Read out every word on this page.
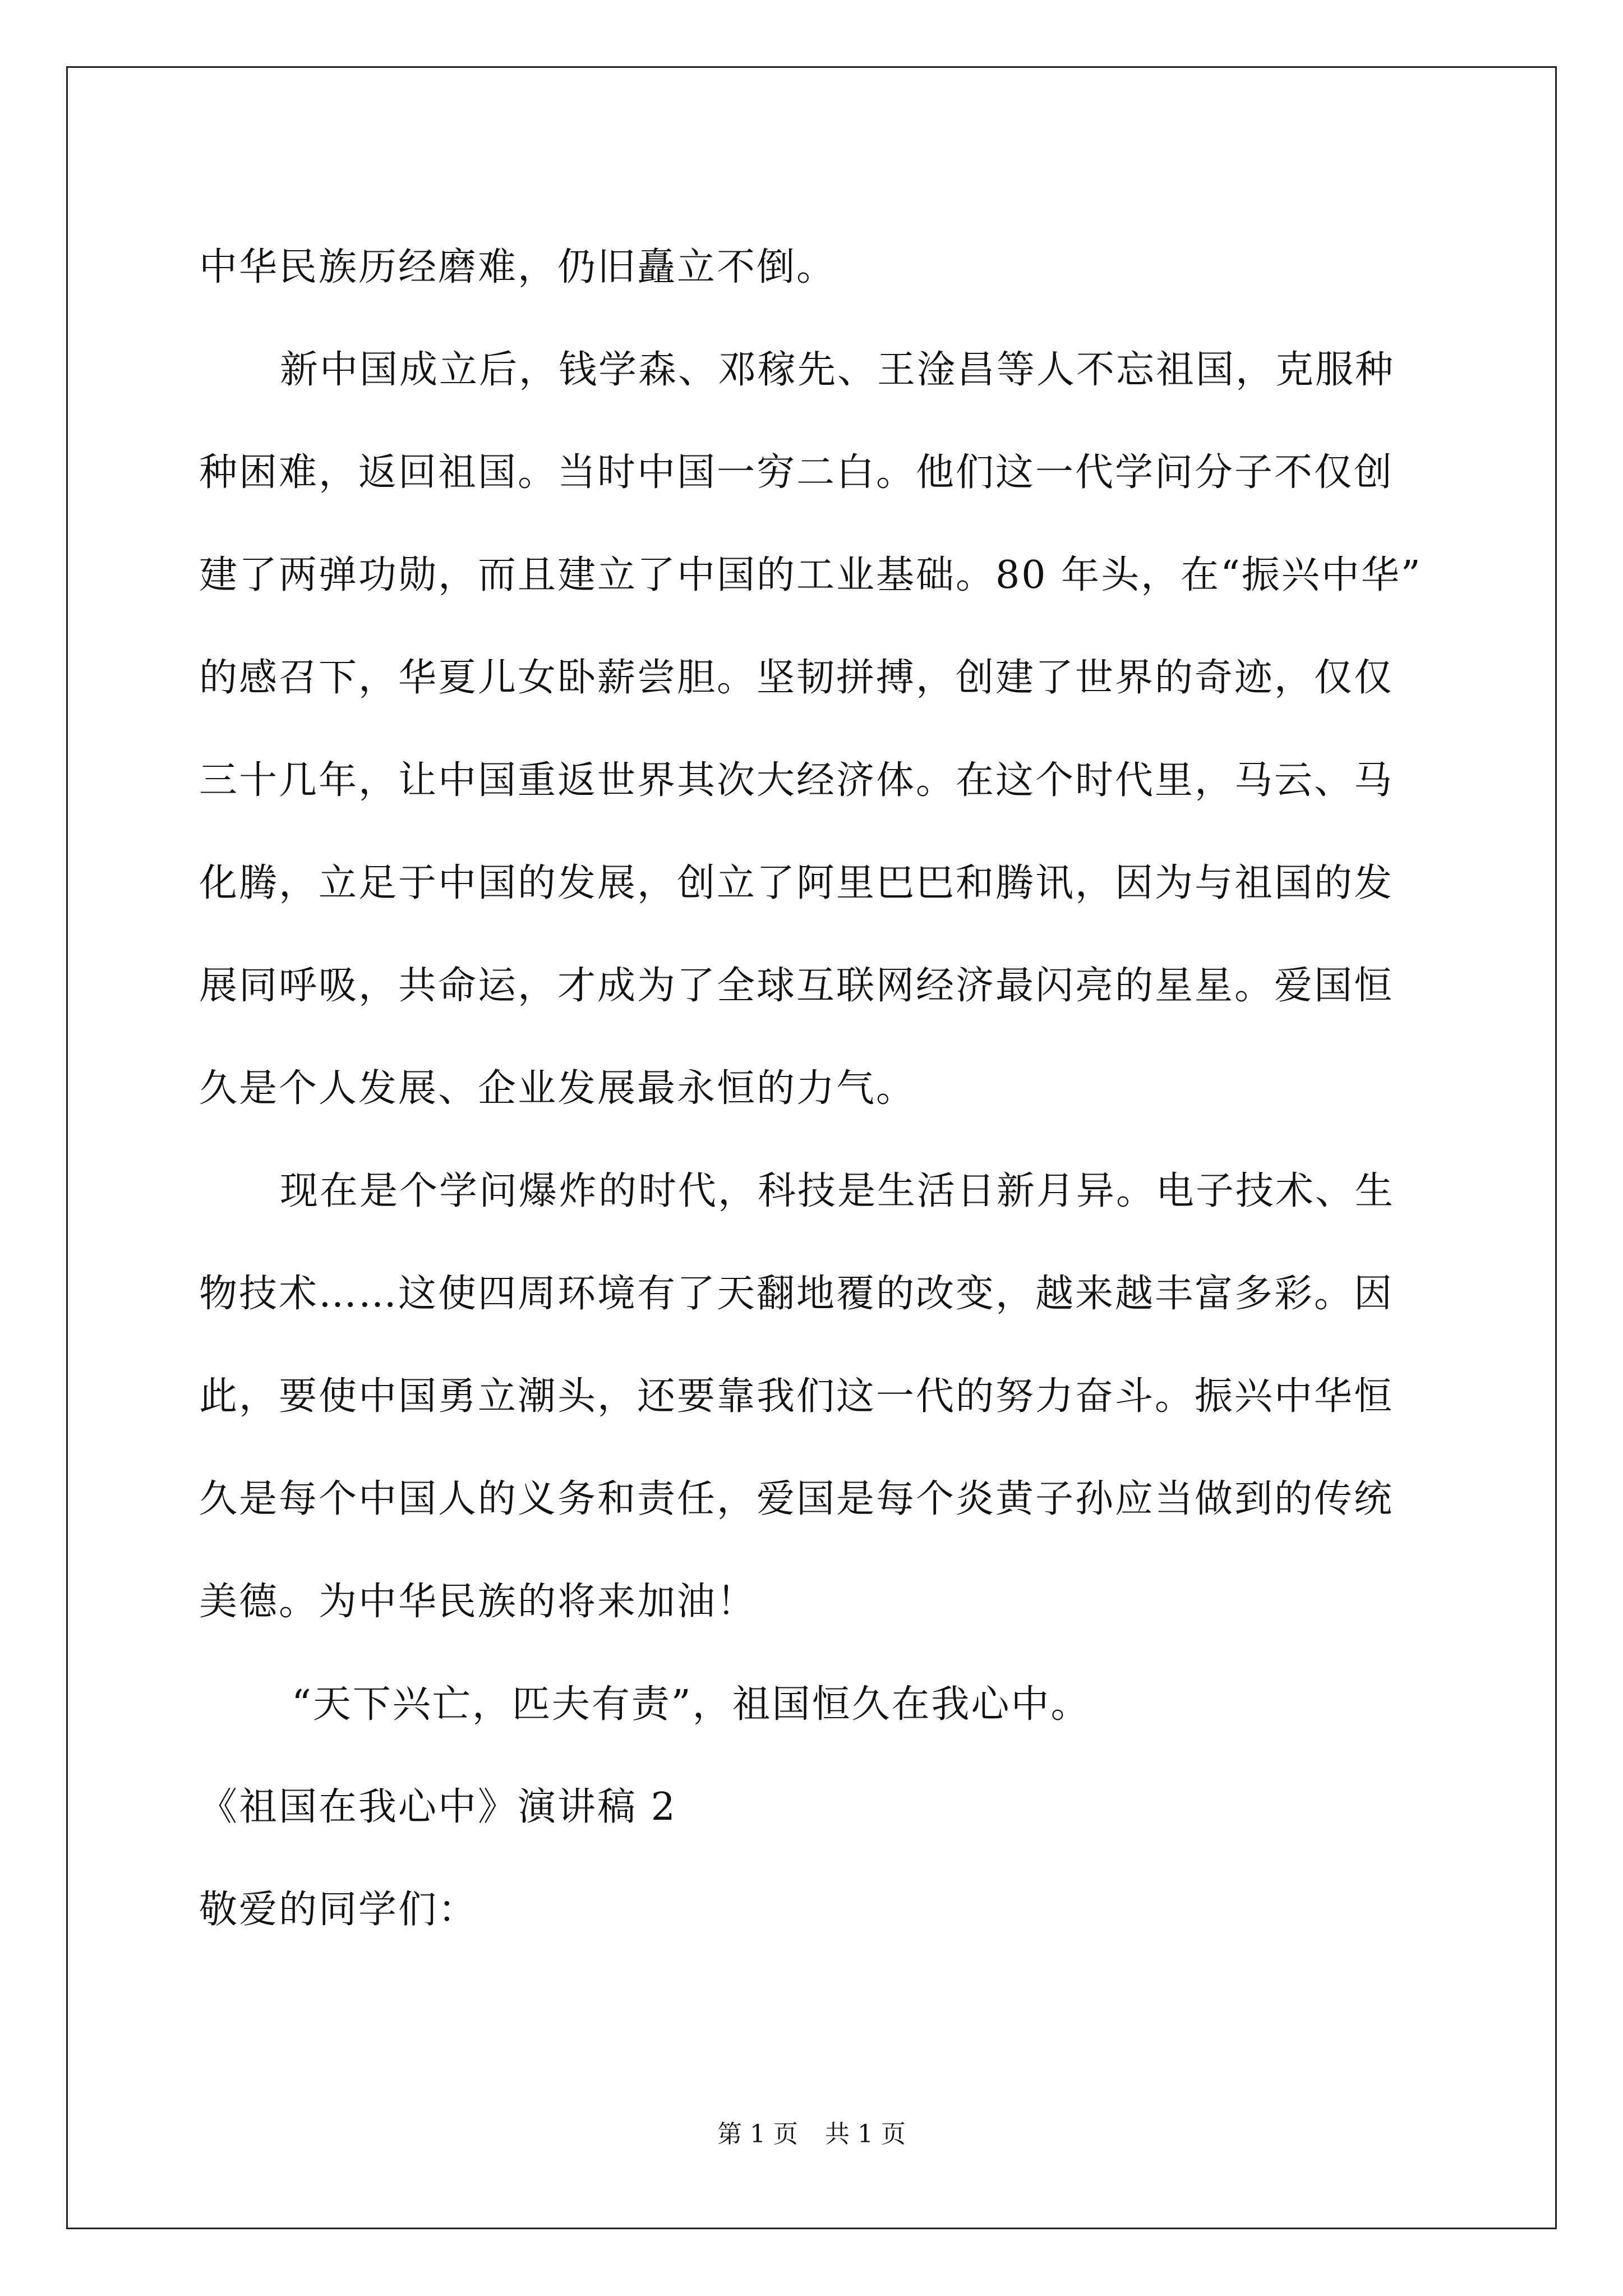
中华民族历经磨难，仍旧矗立不倒。
新中国成立后，钱学森、邓稼先、王淦昌等人不忘祖国，克服种
种困难，返回祖国。当时中国一穷二白。他们这一代学问分子不仅创
建了两弹功勋，而且建立了中国的工业基础。80 年头，在“振兴中华”
的感召下，华夏儿女卧薪尝胆。坚韧拼搏，创建了世界的奇迹，仅仅
三十几年，让中国重返世界其次大经济体。在这个时代里，马云、马
化腾，立足于中国的发展，创立了阿里巴巴和腾讯，因为与祖国的发
展同呼吸，共命运，才成为了全球互联网经济最闪亮的星星。爱国恒
久是个人发展、企业发展最永恒的力气。
现在是个学问爆炸的时代，科技是生活日新月异。电子技术、生
物技术……这使四周环境有了天翻地覆的改变，越来越丰富多彩。因
此，要使中国勇立潮头，还要靠我们这一代的努力奋斗。振兴中华恒
久是每个中国人的义务和责任，爱国是每个炎黄子孙应当做到的传统
美德。为中华民族的将来加油！
“天下兴亡，匹夫有责”，祖国恒久在我心中。
《祖国在我心中》演讲稿 2
敬爱的同学们：
第 1 页 共 1 页
